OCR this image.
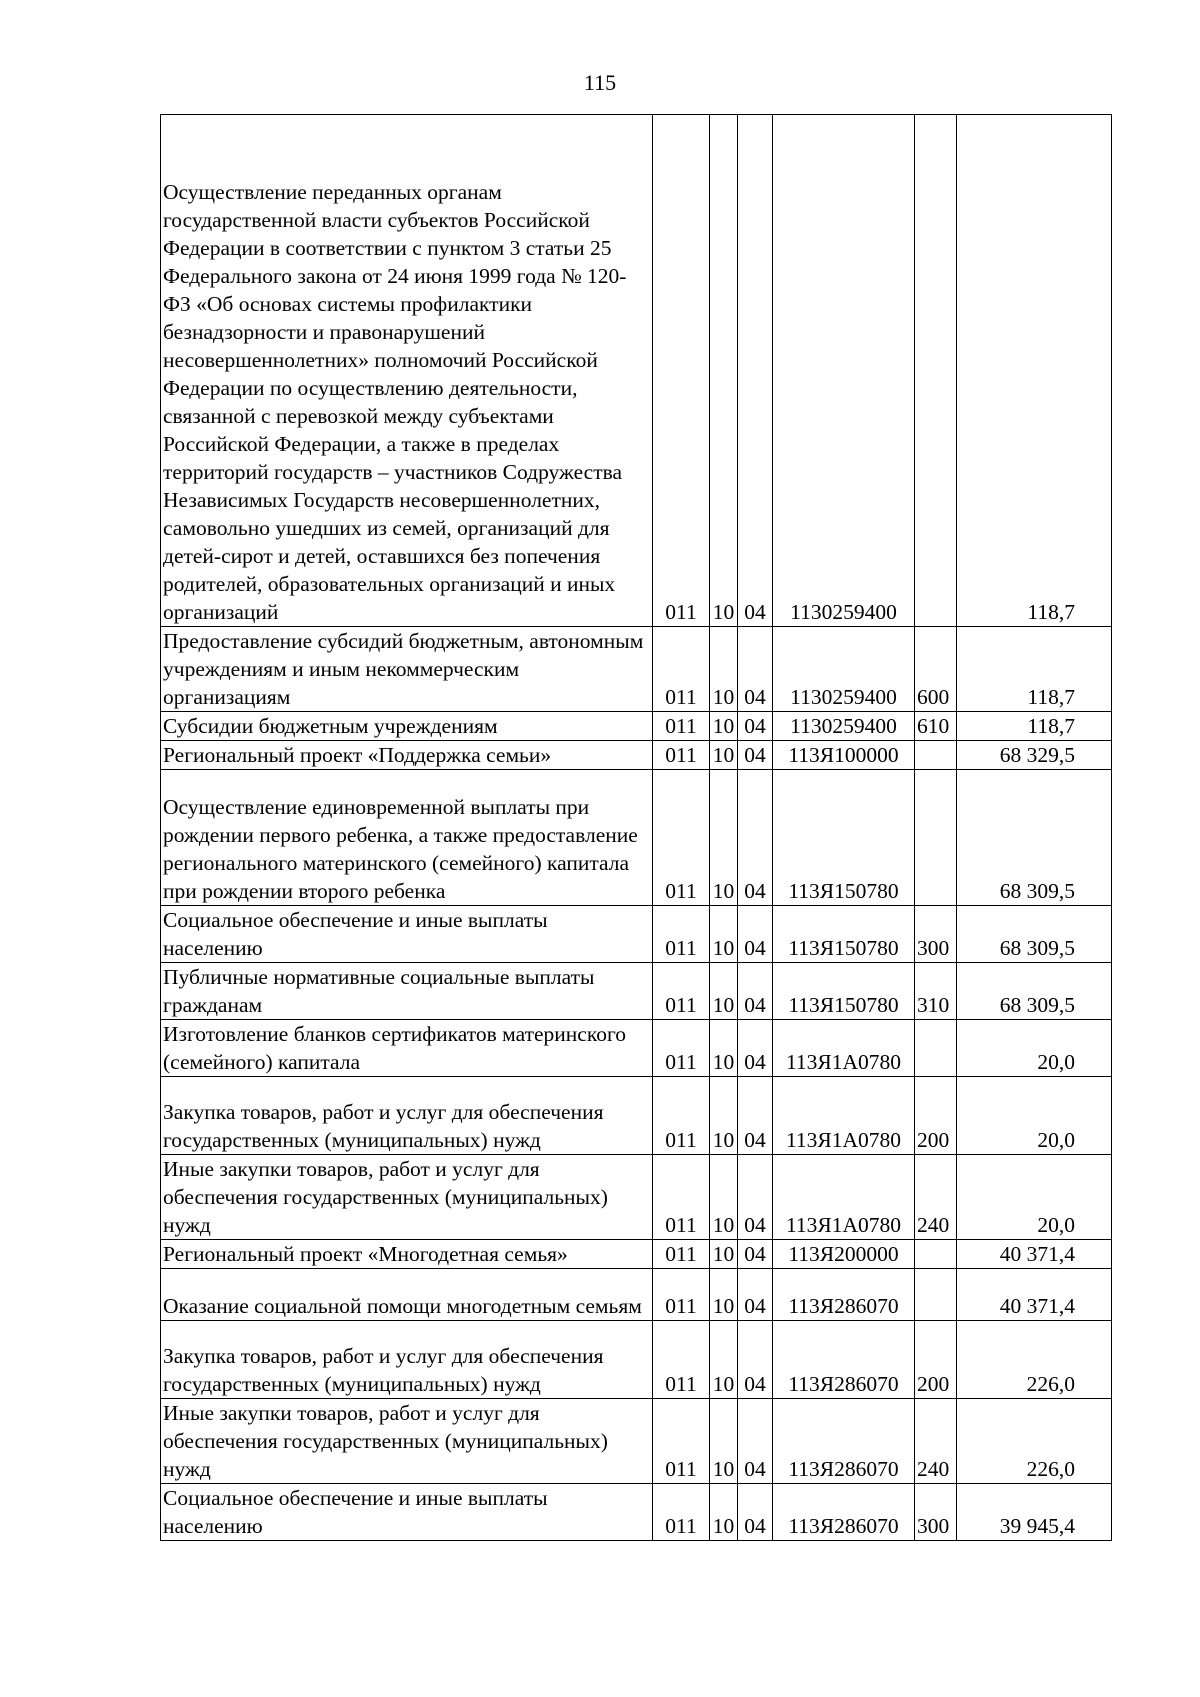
115
Осуществление переданных органам государственной власти субъектов Российской Федерации в соответствии с пунктом 3 статьи 25 Федерального закона от 24 июня 1999 года № 120-ФЗ «Об основах системы профилактики безнадзорности и правонарушений несовершеннолетних» полномочий Российской Федерации по осуществлению деятельности, связанной с перевозкой между субъектами Российской Федерации, а также в пределах территорий государств – участников Содружества Независимых Государств несовершеннолетних, самовольно ушедших из семей, организаций для детей-сирот и детей, оставшихся без попечения родителей, образовательных организаций и иных организаций	011	10	04	1130259400		118,7
Предоставление субсидий бюджетным, автономным учреждениям и иным некоммерческим организациям	011	10	04	1130259400	600	118,7
Субсидии бюджетным учреждениям	011	10	04	1130259400	610	118,7
Региональный проект «Поддержка семьи»	011	10	04	113Я100000		68 329,5
Осуществление единовременной выплаты при рождении первого ребенка, а также предоставление регионального материнского (семейного) капитала при рождении второго ребенка	011	10	04	113Я150780		68 309,5
Социальное обеспечение и иные выплаты населению	011	10	04	113Я150780	300	68 309,5
Публичные нормативные социальные выплаты гражданам	011	10	04	113Я150780	310	68 309,5
Изготовление бланков сертификатов материнского (семейного) капитала	011	10	04	113Я1А0780		20,0
Закупка товаров, работ и услуг для обеспечения государственных (муниципальных) нужд	011	10	04	113Я1А0780	200	20,0
Иные закупки товаров, работ и услуг для обеспечения государственных (муниципальных) нужд	011	10	04	113Я1А0780	240	20,0
Региональный проект «Многодетная семья»	011	10	04	113Я200000		40 371,4
Оказание социальной помощи многодетным семьям	011	10	04	113Я286070		40 371,4
Закупка товаров, работ и услуг для обеспечения государственных (муниципальных) нужд	011	10	04	113Я286070	200	226,0
Иные закупки товаров, работ и услуг для обеспечения государственных (муниципальных) нужд	011	10	04	113Я286070	240	226,0
Социальное обеспечение и иные выплаты населению	011	10	04	113Я286070	300	39 945,4
